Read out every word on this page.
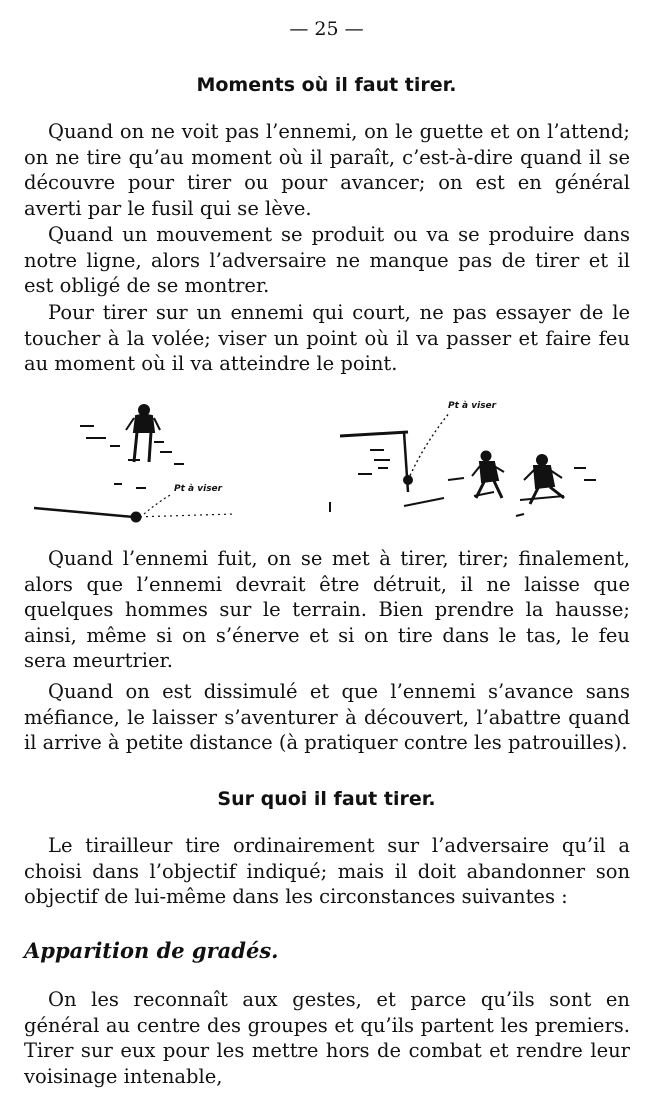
— 25 —
Moments où il faut tirer.

Quand on ne voit pas l’ennemi, on le guette et on l’attend; on ne tire qu’au moment où il paraît, c’est-à-dire quand il se découvre pour tirer ou pour avancer; on est en général averti par le fusil qui se lève.

Quand un mouvement se produit ou va se produire dans notre ligne, alors l’adversaire ne manque pas de tirer et il est obligé de se montrer.

Pour tirer sur un ennemi qui court, ne pas essayer de le toucher à la volée; viser un point où il va passer et faire feu au moment où il va atteindre le point.

Pt à viser
Pt à viser

Quand l’ennemi fuit, on se met à tirer, tirer; finalement, alors que l’ennemi devrait être détruit, il ne laisse que quelques hommes sur le terrain. Bien prendre la hausse; ainsi, même si on s’énerve et si on tire dans le tas, le feu sera meurtrier.

Quand on est dissimulé et que l’ennemi s’avance sans méfiance, le laisser s’aventurer à découvert, l’abattre quand il arrive à petite distance (à pratiquer contre les patrouilles).

Sur quoi il faut tirer.

Le tirailleur tire ordinairement sur l’adversaire qu’il a choisi dans l’objectif indiqué; mais il doit abandonner son objectif de lui-même dans les circonstances suivantes :

Apparition de gradés.

On les reconnaît aux gestes, et parce qu’ils sont en général au centre des groupes et qu’ils partent les premiers. Tirer sur eux pour les mettre hors de combat et rendre leur voisinage intenable,
